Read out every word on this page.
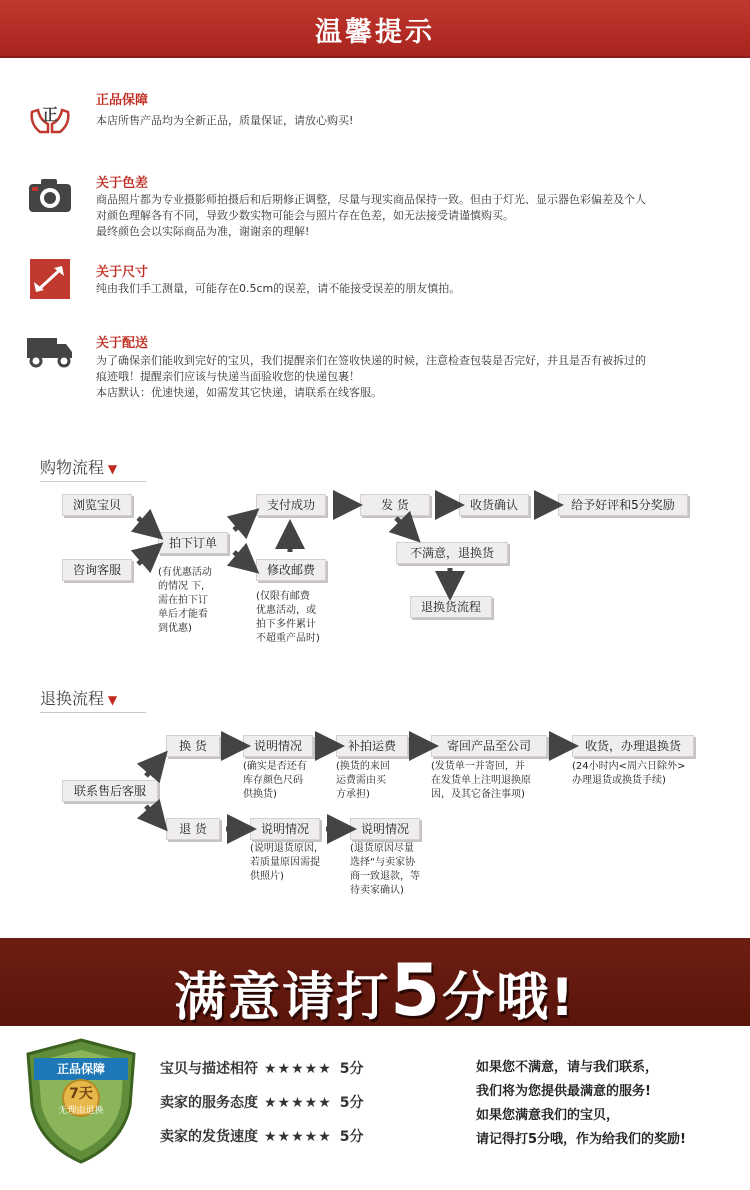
温馨提示
正
正品保障
本店所售产品均为全新正品，质量保证，请放心购买!
关于色差
商品照片都为专业摄影师拍摄后和后期修正调整，尽量与现实商品保持一致。但由于灯光、显示器色彩偏差及个人
对颜色理解各有不同，导致少数实物可能会与照片存在色差，如无法接受请谨慎购买。
最终颜色会以实际商品为准，谢谢亲的理解!
关于尺寸
纯由我们手工测量，可能存在0.5cm的误差，请不能接受误差的朋友慎拍。
关于配送
为了确保亲们能收到完好的宝贝，我们提醒亲们在签收快递的时候，注意检查包装是否完好，并且是否有被拆过的
痕迹哦！提醒亲们应该与快递当面验收您的快递包裹！
本店默认：优速快递，如需发其它快递，请联系在线客服。
购物流程 ▼
浏览宝贝
咨询客服
拍下订单
支付成功
修改邮费
发 货	收货确认	给予好评和5分奖励
不满意，退换货
退换货流程
(有优惠活动
的情况 下,
需在拍下订
单后才能看
到优惠)
(仅限有邮费
优惠活动，或
拍下多件累计
不超重产品时)
退换流程 ▼
联系售后客服
换 货	说明情况	补拍运费	寄回产品至公司	收货，办理退换货
退 货	说明情况	说明情况
(确实是否还有
库存颜色尺码
供换货)
(换货的来回
运费需由买
方承担)
(发货单一并寄回，并
在发货单上注明退换原
因，及其它备注事项)
(24小时内<周六日除外>
办理退货或换货手续)
(说明退货原因，
若质量原因需提
供照片)
(退货原因尽量
选择“与卖家协
商一致退款，等
待卖家确认)
满意请打5分哦!
正品保障
7天
无理由退换
宝贝与描述相符 ★★★★★ 5分
卖家的服务态度 ★★★★★ 5分
卖家的发货速度 ★★★★★ 5分
如果您不满意，请与我们联系，
我们将为您提供最满意的服务!
如果您满意我们的宝贝，
请记得打5分哦，作为给我们的奖励!
